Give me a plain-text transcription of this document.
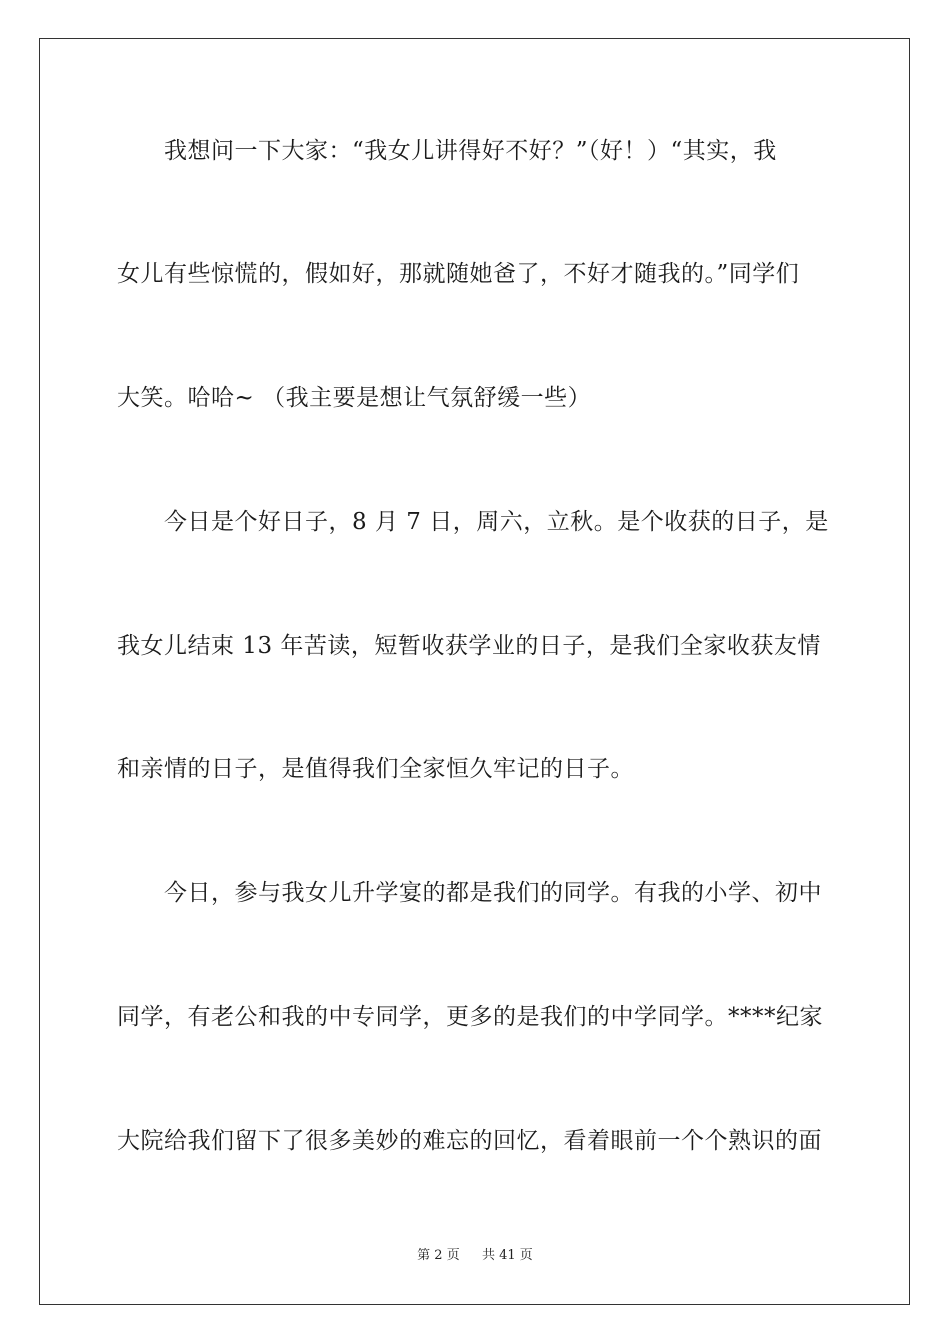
我想问一下大家：“我女儿讲得好不好？”（好！）“其实，我
女儿有些惊慌的，假如好，那就随她爸了，不好才随我的。”同学们
大笑。哈哈~ （我主要是想让气氛舒缓一些）
今日是个好日子，8 月 7 日，周六，立秋。是个收获的日子，是
我女儿结束 13 年苦读，短暂收获学业的日子，是我们全家收获友情
和亲情的日子，是值得我们全家恒久牢记的日子。
今日，参与我女儿升学宴的都是我们的同学。有我的小学、初中
同学，有老公和我的中专同学，更多的是我们的中学同学。****纪家
大院给我们留下了很多美妙的难忘的回忆，看着眼前一个个熟识的面
第 2 页 共 41 页
